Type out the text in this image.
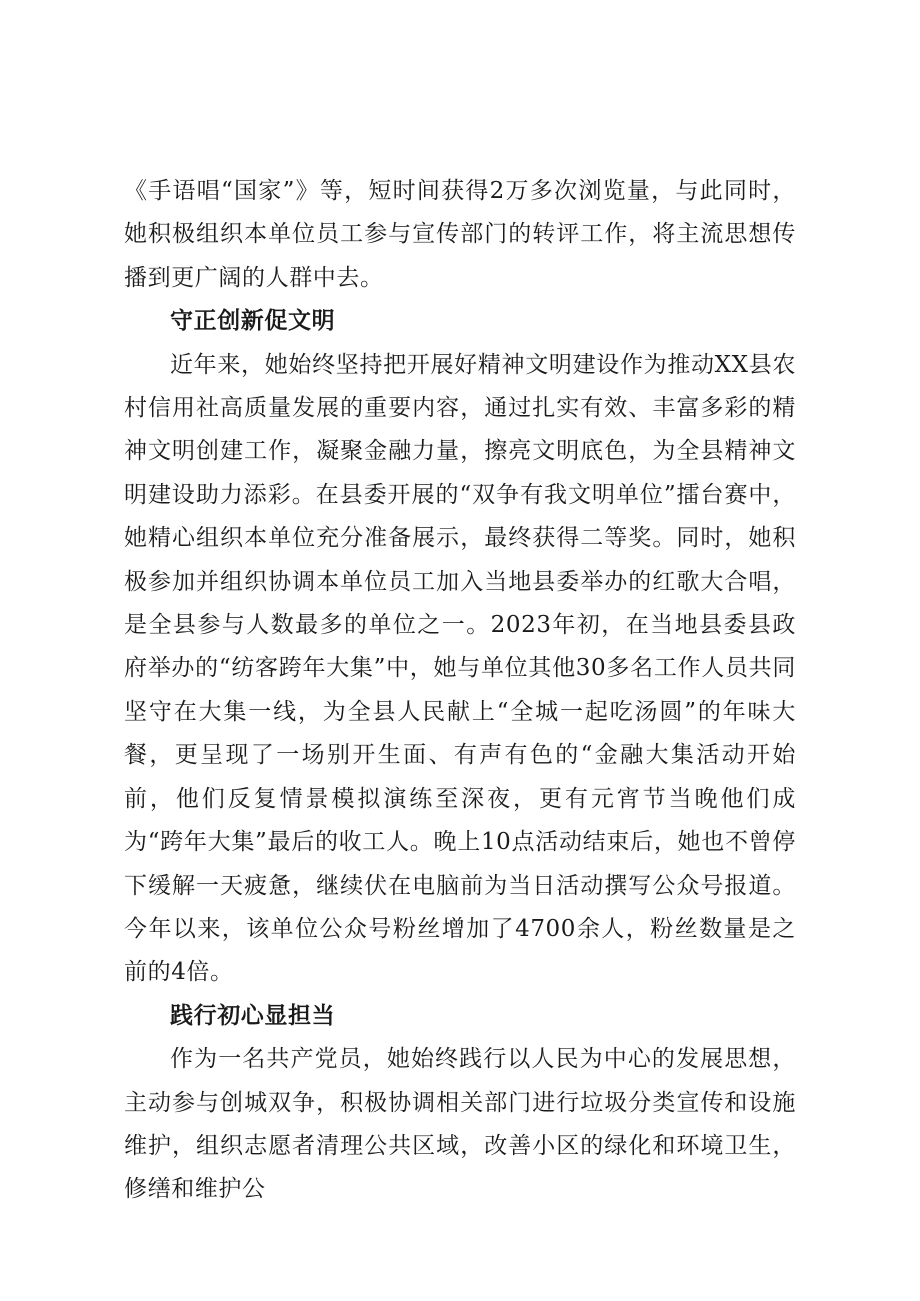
《手语唱“国家”》等，短时间获得2万多次浏览量，与此同时，她积极组织本单位员工参与宣传部门的转评工作，将主流思想传播到更广阔的人群中去。

守正创新促文明

近年来，她始终坚持把开展好精神文明建设作为推动XX县农村信用社高质量发展的重要内容，通过扎实有效、丰富多彩的精神文明创建工作，凝聚金融力量，擦亮文明底色，为全县精神文明建设助力添彩。在县委开展的“双争有我文明单位”擂台赛中，她精心组织本单位充分准备展示，最终获得二等奖。同时，她积极参加并组织协调本单位员工加入当地县委举办的红歌大合唱，是全县参与人数最多的单位之一。2023年初，在当地县委县政府举办的“纺客跨年大集”中，她与单位其他30多名工作人员共同坚守在大集一线，为全县人民献上“全城一起吃汤圆”的年味大餐，更呈现了一场别开生面、有声有色的“金融大集活动开始前，他们反复情景模拟演练至深夜，更有元宵节当晚他们成为“跨年大集”最后的收工人。晚上10点活动结束后，她也不曾停下缓解一天疲惫，继续伏在电脑前为当日活动撰写公众号报道。今年以来，该单位公众号粉丝增加了4700余人，粉丝数量是之前的4倍。

践行初心显担当

作为一名共产党员，她始终践行以人民为中心的发展思想，主动参与创城双争，积极协调相关部门进行垃圾分类宣传和设施维护，组织志愿者清理公共区域，改善小区的绿化和环境卫生，修缮和维护公
